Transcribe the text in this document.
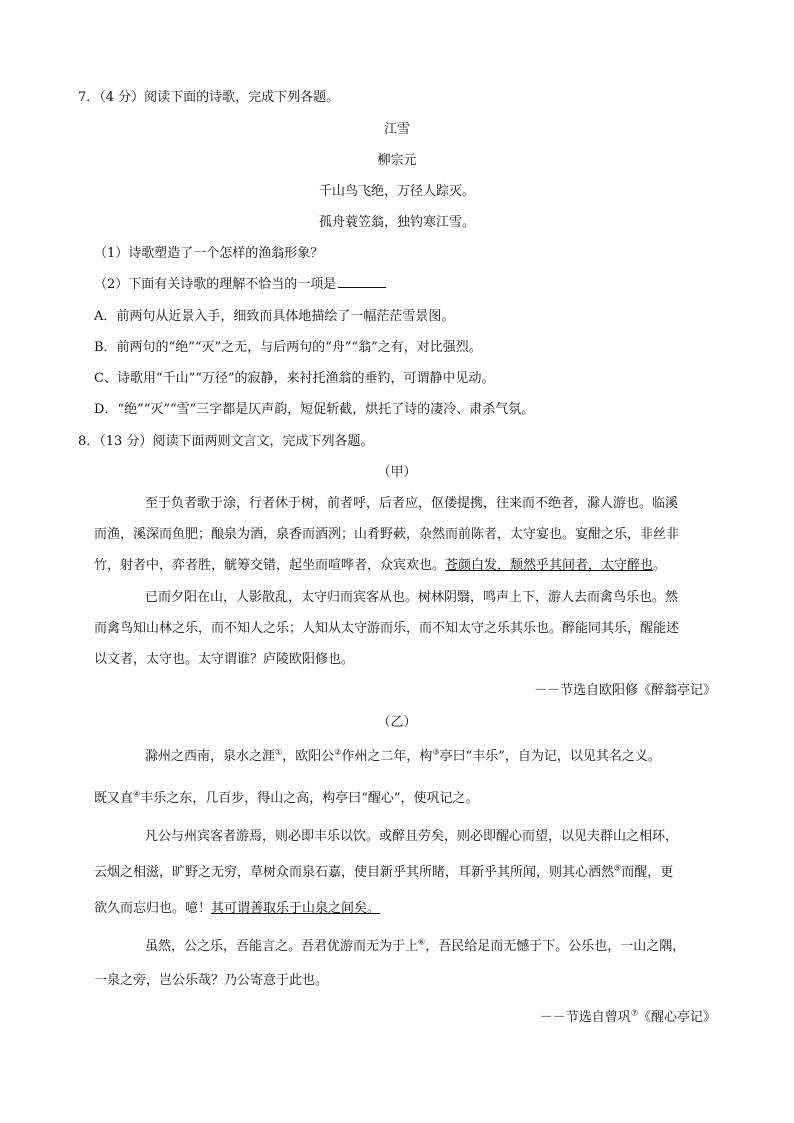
7．（4 分）阅读下面的诗歌，完成下列各题。
江雪
柳宗元
千山鸟飞绝，万径人踪灭。
孤舟蓑笠翁，独钓寒江雪。
（1）诗歌塑造了一个怎样的渔翁形象？
（2）下面有关诗歌的理解不恰当的一项是
A．前两句从近景入手，细致而具体地描绘了一幅茫茫雪景图。
B．前两句的“绝”“灭”之无，与后两句的“舟”“翁”之有，对比强烈。
C、诗歌用“千山”“万径”的寂静，来衬托渔翁的垂钓，可谓静中见动。
D．“绝”“灭”“雪”三字都是仄声韵，短促斩截，烘托了诗的凄冷、肃杀气氛。
8．（13 分）阅读下面两则文言文，完成下列各题。
（甲）
至于负者歌于涂，行者休于树，前者呼，后者应，伛偻提携，往来而不绝者，滁人游也。临溪
而渔，溪深而鱼肥；酿泉为酒，泉香而酒洌；山肴野蔌，杂然而前陈者，太守宴也。宴酣之乐，非丝非
竹，射者中，弈者胜，觥筹交错，起坐而喧哗者，众宾欢也。苍颜白发，颓然乎其间者，太守醉也。
已而夕阳在山，人影散乱，太守归而宾客从也。树林阴翳，鸣声上下，游人去而禽鸟乐也。然
而禽鸟知山林之乐，而不知人之乐；人知从太守游而乐，而不知太守之乐其乐也。醉能同其乐，醒能述
以文者，太守也。太守谓谁？庐陵欧阳修也。
－－节选自欧阳修《醉翁亭记》
（乙）
滁州之西南，泉水之涯①，欧阳公②作州之二年，构③亭曰“丰乐”，自为记，以见其名之义。
既又直④丰乐之东，几百步，得山之高，构亭曰“醒心”，使巩记之。
凡公与州宾客者游焉，则必即丰乐以饮。或醉且劳矣，则必即醒心而望，以见夫群山之相环，
云烟之相滋，旷野之无穷，草树众而泉石嘉，使目新乎其所睹，耳新乎其所闻，则其心洒然⑤而醒，更
欲久而忘归也。噫！其可谓善取乐于山泉之间矣。
虽然，公之乐，吾能言之。吾君优游而无为于上⑥，吾民给足而无憾于下。公乐也，一山之隅，
一泉之旁，岂公乐哉？乃公寄意于此也。
－－节选自曾巩⑦《醒心亭记》
